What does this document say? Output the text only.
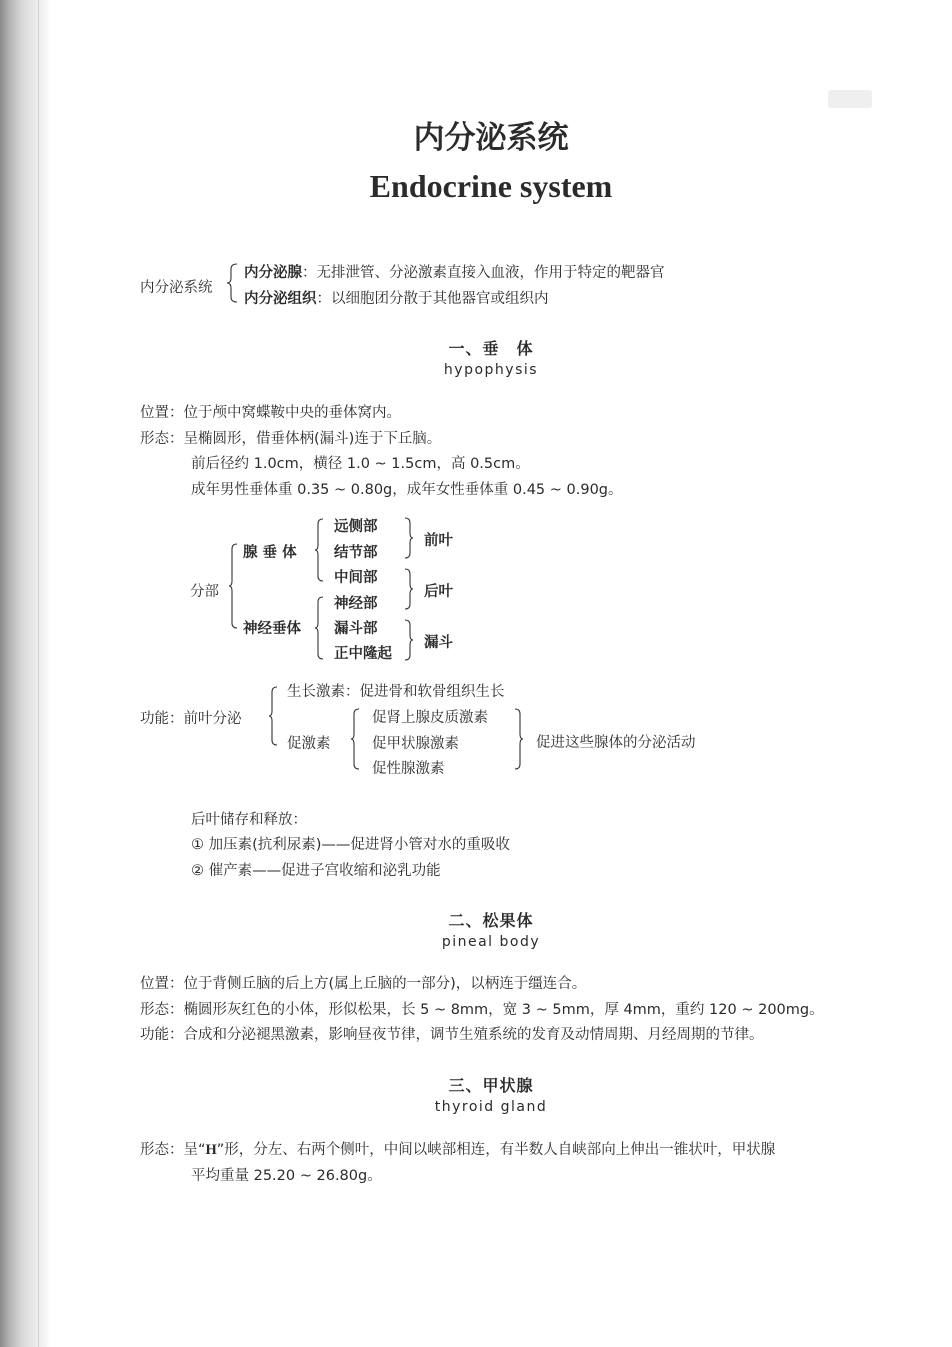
内分泌系统
Endocrine system
内分泌系统
内分泌腺：无排泄管、分泌激素直接入血液，作用于特定的靶器官
内分泌组织：以细胞团分散于其他器官或组织内
一、垂　体
hypophysis
位置：位于颅中窝蝶鞍中央的垂体窝内。
形态：呈椭圆形，借垂体柄(漏斗)连于下丘脑。
前后径约 1.0cm，横径 1.0 ~ 1.5cm，高 0.5cm。
成年男性垂体重 0.35 ~ 0.80g，成年女性垂体重 0.45 ~ 0.90g。
分部
腺 垂 体
神经垂体
远侧部
结节部
中间部
神经部
漏斗部
正中隆起
前叶
后叶
漏斗
功能：前叶分泌
生长激素：促进骨和软骨组织生长
促激素
促肾上腺皮质激素
促甲状腺激素
促性腺激素
促进这些腺体的分泌活动
后叶储存和释放：
① 加压素(抗利尿素)——促进肾小管对水的重吸收
② 催产素——促进子宫收缩和泌乳功能
二、松果体
pineal body
位置：位于背侧丘脑的后上方(属上丘脑的一部分)，以柄连于缰连合。
形态：椭圆形灰红色的小体，形似松果，长 5 ~ 8mm，宽 3 ~ 5mm，厚 4mm，重约 120 ~ 200mg。
功能：合成和分泌褪黑激素，影响昼夜节律，调节生殖系统的发育及动情周期、月经周期的节律。
三、甲状腺
thyroid gland
形态：呈“H”形，分左、右两个侧叶，中间以峡部相连，有半数人自峡部向上伸出一锥状叶，甲状腺
平均重量 25.20 ~ 26.80g。
